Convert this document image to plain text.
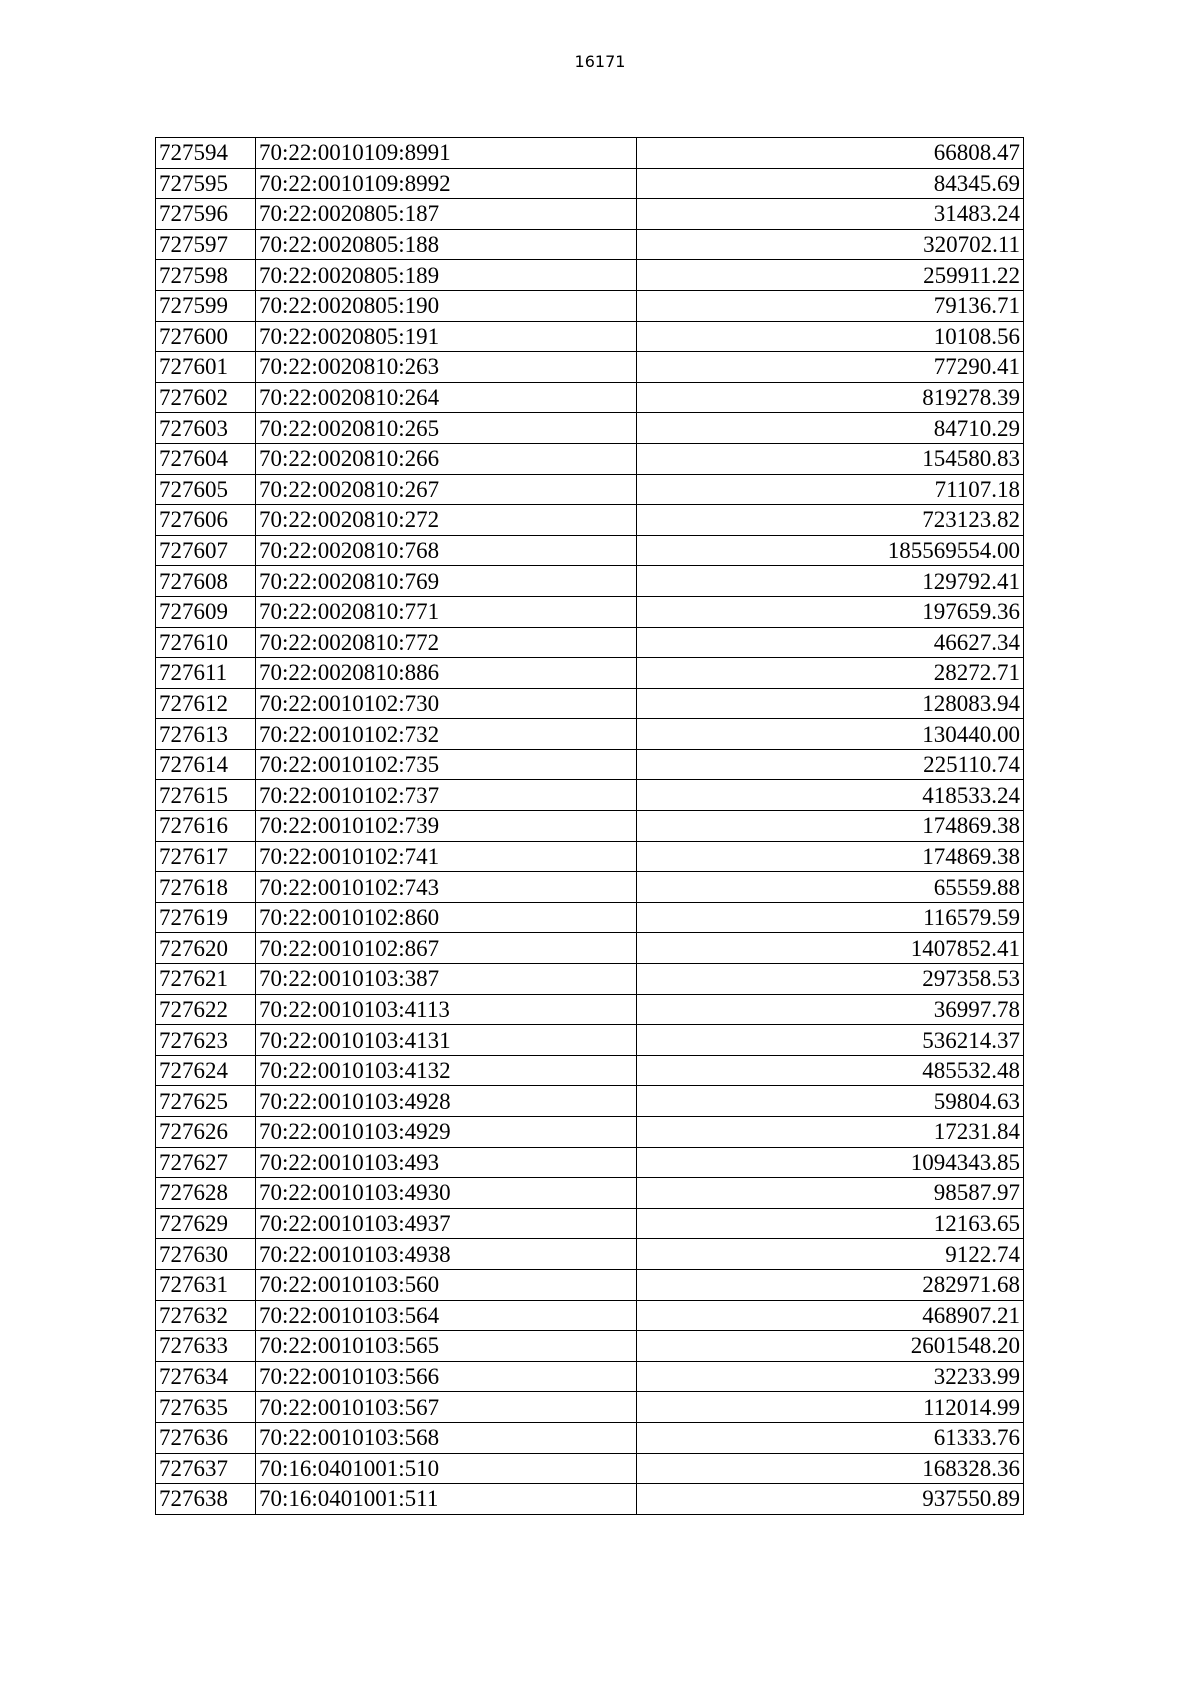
16171
727594	70:22:0010109:8991	66808.47
727595	70:22:0010109:8992	84345.69
727596	70:22:0020805:187	31483.24
727597	70:22:0020805:188	320702.11
727598	70:22:0020805:189	259911.22
727599	70:22:0020805:190	79136.71
727600	70:22:0020805:191	10108.56
727601	70:22:0020810:263	77290.41
727602	70:22:0020810:264	819278.39
727603	70:22:0020810:265	84710.29
727604	70:22:0020810:266	154580.83
727605	70:22:0020810:267	71107.18
727606	70:22:0020810:272	723123.82
727607	70:22:0020810:768	185569554.00
727608	70:22:0020810:769	129792.41
727609	70:22:0020810:771	197659.36
727610	70:22:0020810:772	46627.34
727611	70:22:0020810:886	28272.71
727612	70:22:0010102:730	128083.94
727613	70:22:0010102:732	130440.00
727614	70:22:0010102:735	225110.74
727615	70:22:0010102:737	418533.24
727616	70:22:0010102:739	174869.38
727617	70:22:0010102:741	174869.38
727618	70:22:0010102:743	65559.88
727619	70:22:0010102:860	116579.59
727620	70:22:0010102:867	1407852.41
727621	70:22:0010103:387	297358.53
727622	70:22:0010103:4113	36997.78
727623	70:22:0010103:4131	536214.37
727624	70:22:0010103:4132	485532.48
727625	70:22:0010103:4928	59804.63
727626	70:22:0010103:4929	17231.84
727627	70:22:0010103:493	1094343.85
727628	70:22:0010103:4930	98587.97
727629	70:22:0010103:4937	12163.65
727630	70:22:0010103:4938	9122.74
727631	70:22:0010103:560	282971.68
727632	70:22:0010103:564	468907.21
727633	70:22:0010103:565	2601548.20
727634	70:22:0010103:566	32233.99
727635	70:22:0010103:567	112014.99
727636	70:22:0010103:568	61333.76
727637	70:16:0401001:510	168328.36
727638	70:16:0401001:511	937550.89
